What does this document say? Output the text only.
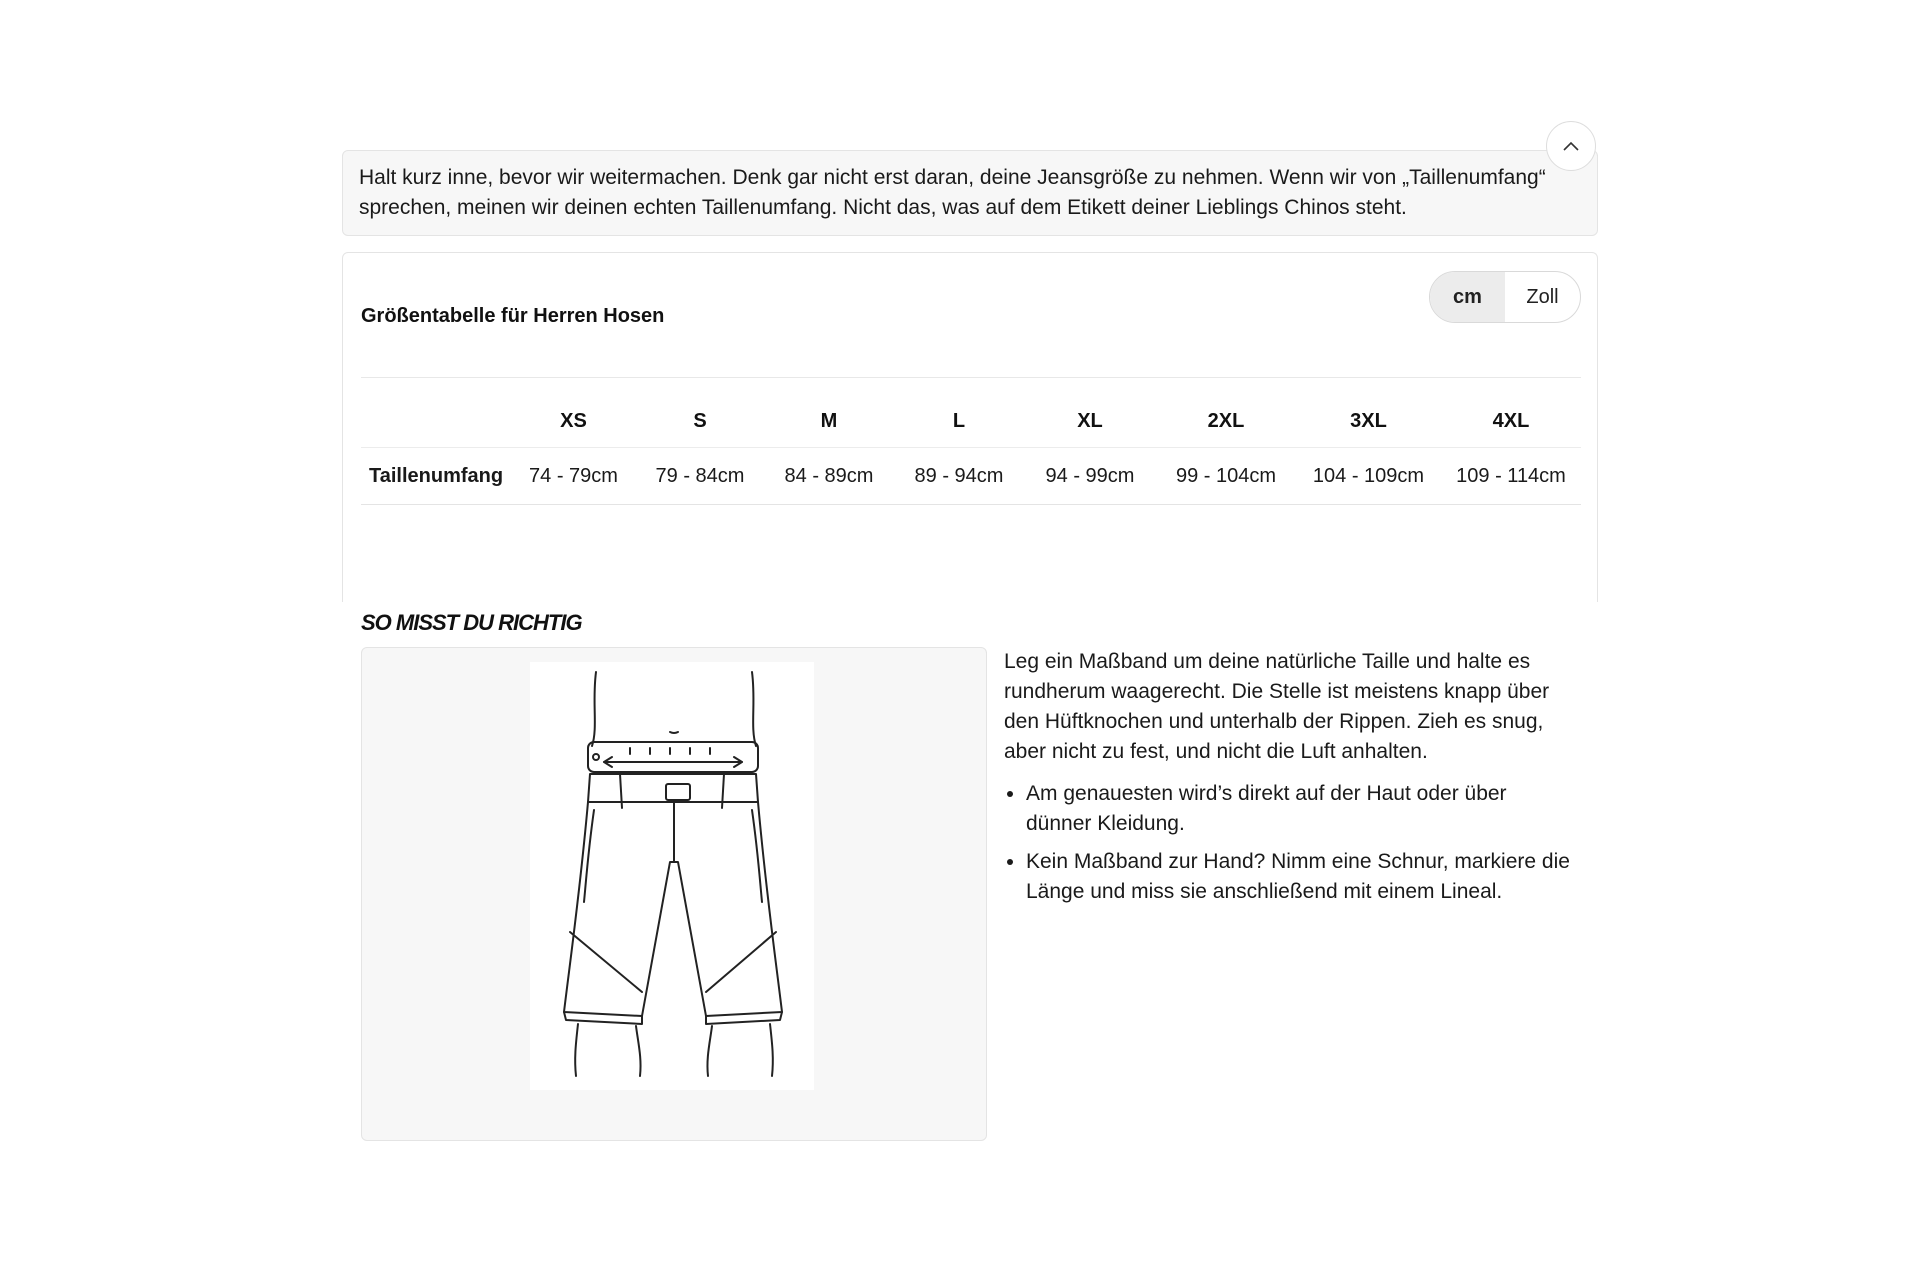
Halt kurz inne, bevor wir weitermachen. Denk gar nicht erst daran, deine Jeansgröße zu nehmen. Wenn wir von „Taillenumfang“ sprechen, meinen wir deinen echten Taillenumfang. Nicht das, was auf dem Etikett deiner Lieblings Chinos steht.
Größentabelle für Herren Hosen
cm	Zoll
	XS	S	M	L	XL	2XL	3XL	4XL
Taillenumfang	74 - 79cm	79 - 84cm	84 - 89cm	89 - 94cm	94 - 99cm	99 - 104cm	104 - 109cm	109 - 114cm
SO MISST DU RICHTIG

Leg ein Maßband um deine natürliche Taille und halte es rundherum waagerecht. Die Stelle ist meistens knapp über den Hüftknochen und unterhalb der Rippen. Zieh es snug, aber nicht zu fest, und nicht die Luft anhalten.

• Am genauesten wird’s direkt auf der Haut oder über dünner Kleidung.
• Kein Maßband zur Hand? Nimm eine Schnur, markiere die Länge und miss sie anschließend mit einem Lineal.
